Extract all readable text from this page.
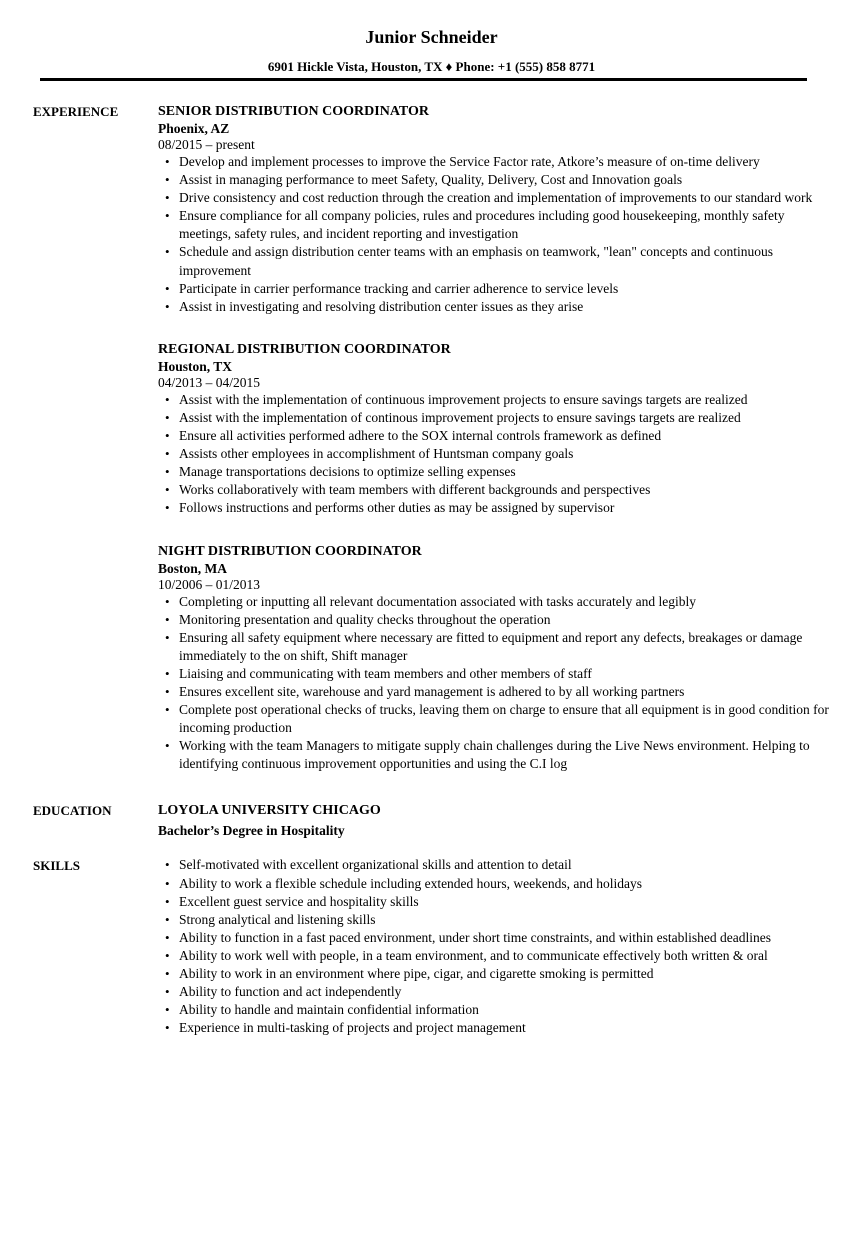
Junior Schneider
6901 Hickle Vista, Houston, TX ♦ Phone: +1 (555) 858 8771
EXPERIENCE	SENIOR DISTRIBUTION COORDINATOR
Phoenix, AZ
08/2015 – present
• Develop and implement processes to improve the Service Factor rate, Atkore’s measure of on-time delivery
• Assist in managing performance to meet Safety, Quality, Delivery, Cost and Innovation goals
• Drive consistency and cost reduction through the creation and implementation of improvements to our standard work
• Ensure compliance for all company policies, rules and procedures including good housekeeping, monthly safety meetings, safety rules, and incident reporting and investigation
• Schedule and assign distribution center teams with an emphasis on teamwork, "lean" concepts and continuous improvement
• Participate in carrier performance tracking and carrier adherence to service levels
• Assist in investigating and resolving distribution center issues as they arise
REGIONAL DISTRIBUTION COORDINATOR
Houston, TX
04/2013 – 04/2015
• Assist with the implementation of continuous improvement projects to ensure savings targets are realized
• Assist with the implementation of continous improvement projects to ensure savings targets are realized
• Ensure all activities performed adhere to the SOX internal controls framework as defined
• Assists other employees in accomplishment of Huntsman company goals
• Manage transportations decisions to optimize selling expenses
• Works collaboratively with team members with different backgrounds and perspectives
• Follows instructions and performs other duties as may be assigned by supervisor
NIGHT DISTRIBUTION COORDINATOR
Boston, MA
10/2006 – 01/2013
• Completing or inputting all relevant documentation associated with tasks accurately and legibly
• Monitoring presentation and quality checks throughout the operation
• Ensuring all safety equipment where necessary are fitted to equipment and report any defects, breakages or damage immediately to the on shift, Shift manager
• Liaising and communicating with team members and other members of staff
• Ensures excellent site, warehouse and yard management is adhered to by all working partners
• Complete post operational checks of trucks, leaving them on charge to ensure that all equipment is in good condition for incoming production
• Working with the team Managers to mitigate supply chain challenges during the Live News environment. Helping to identifying continuous improvement opportunities and using the C.I log
EDUCATION	LOYOLA UNIVERSITY CHICAGO
Bachelor’s Degree in Hospitality
SKILLS	• Self-motivated with excellent organizational skills and attention to detail
• Ability to work a flexible schedule including extended hours, weekends, and holidays
• Excellent guest service and hospitality skills
• Strong analytical and listening skills
• Ability to function in a fast paced environment, under short time constraints, and within established deadlines
• Ability to work well with people, in a team environment, and to communicate effectively both written & oral
• Ability to work in an environment where pipe, cigar, and cigarette smoking is permitted
• Ability to function and act independently
• Ability to handle and maintain confidential information
• Experience in multi-tasking of projects and project management
